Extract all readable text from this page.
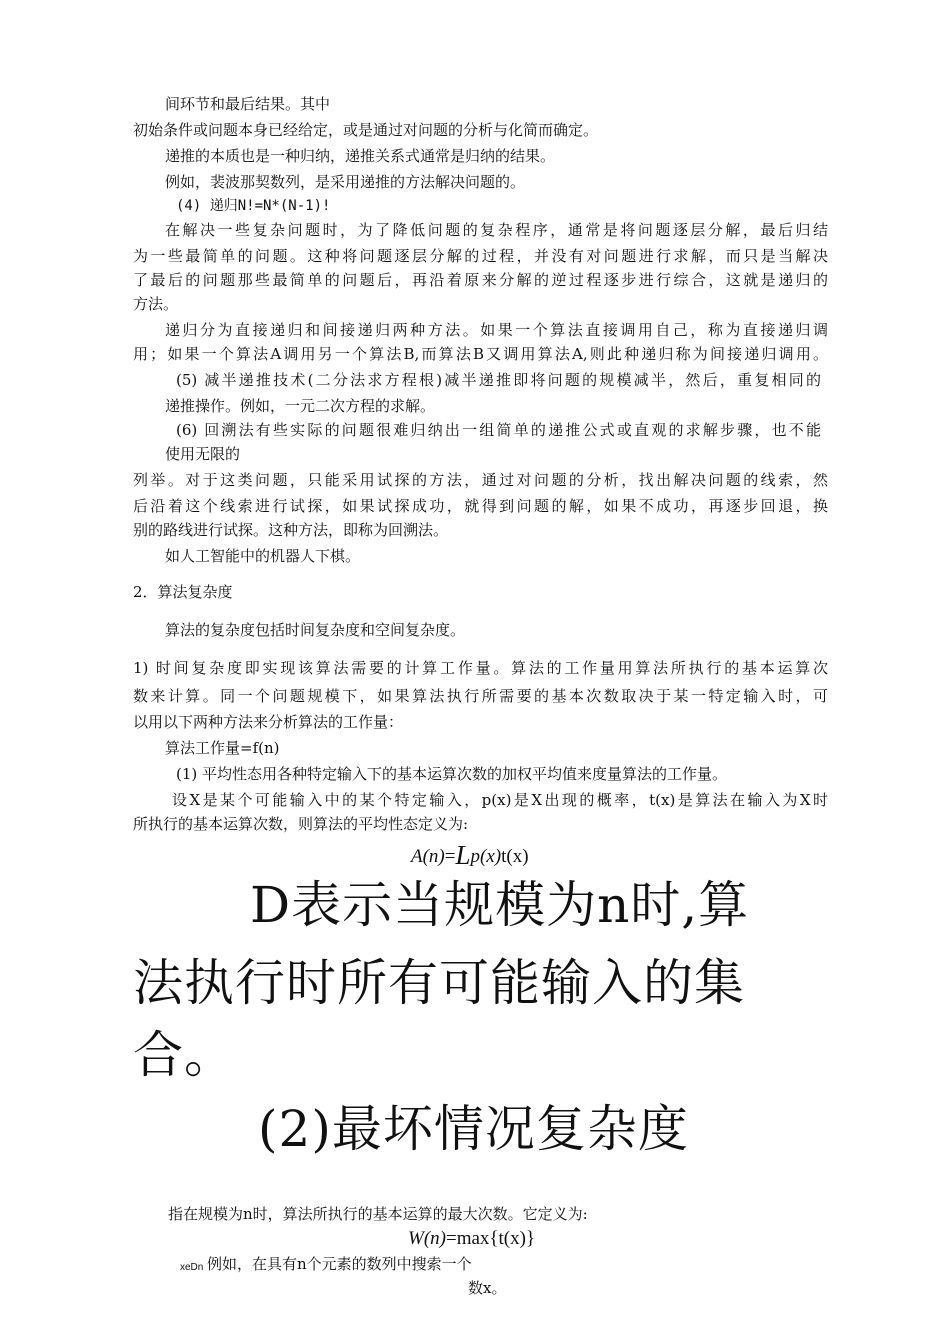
间环节和最后结果。其中
初始条件或问题本身已经给定，或是通过对问题的分析与化简而确定。
递推的本质也是一种归纳，递推关系式通常是归纳的结果。
例如，裴波那契数列，是采用递推的方法解决问题的。
(4) 递归N!=N*(N-1)!
在解决一些复杂问题时，为了降低问题的复杂程序，通常是将问题逐层分解，最后归结
为一些最简单的问题。这种将问题逐层分解的过程，并没有对问题进行求解，而只是当解决
了最后的问题那些最简单的问题后，再沿着原来分解的逆过程逐步进行综合，这就是递归的
方法。
递归分为直接递归和间接递归两种方法。如果一个算法直接调用自己，称为直接递归调
用；如果一个算法A调用另一个算法B,而算法B又调用算法A,则此种递归称为间接递归调用。
(5) 减半递推技术(二分法求方程根)减半递推即将问题的规模减半，然后，重复相同的
递推操作。例如，一元二次方程的求解。
(6) 回溯法有些实际的问题很难归纳出一组简单的递推公式或直观的求解步骤，也不能
使用无限的
列举。对于这类问题，只能采用试探的方法，通过对问题的分析，找出解决问题的线索，然
后沿着这个线索进行试探，如果试探成功，就得到问题的解，如果不成功，再逐步回退，换
别的路线进行试探。这种方法，即称为回溯法。
如人工智能中的机器人下棋。
2．算法复杂度
算法的复杂度包括时间复杂度和空间复杂度。
1) 时间复杂度即实现该算法需要的计算工作量。算法的工作量用算法所执行的基本运算次
数来计算。同一个问题规模下，如果算法执行所需要的基本次数取决于某一特定输入时，可
以用以下两种方法来分析算法的工作量：
算法工作量=f(n)
(1) 平均性态用各种特定输入下的基本运算次数的加权平均值来度量算法的工作量。
设X是某个可能输入中的某个特定输入，p(x)是X出现的概率，t(x)是算法在输入为X时
所执行的基本运算次数，则算法的平均性态定义为:
A(n)=Lp(x)t(x)
D表示当规模为n时,算
法执行时所有可能输入的集
合。
(2)最坏情况复杂度
指在规模为n时，算法所执行的基本运算的最大次数。它定义为:
W(n)=max{t(x)}
xeDn 例如，在具有n个元素的数列中搜索一个
数x。
